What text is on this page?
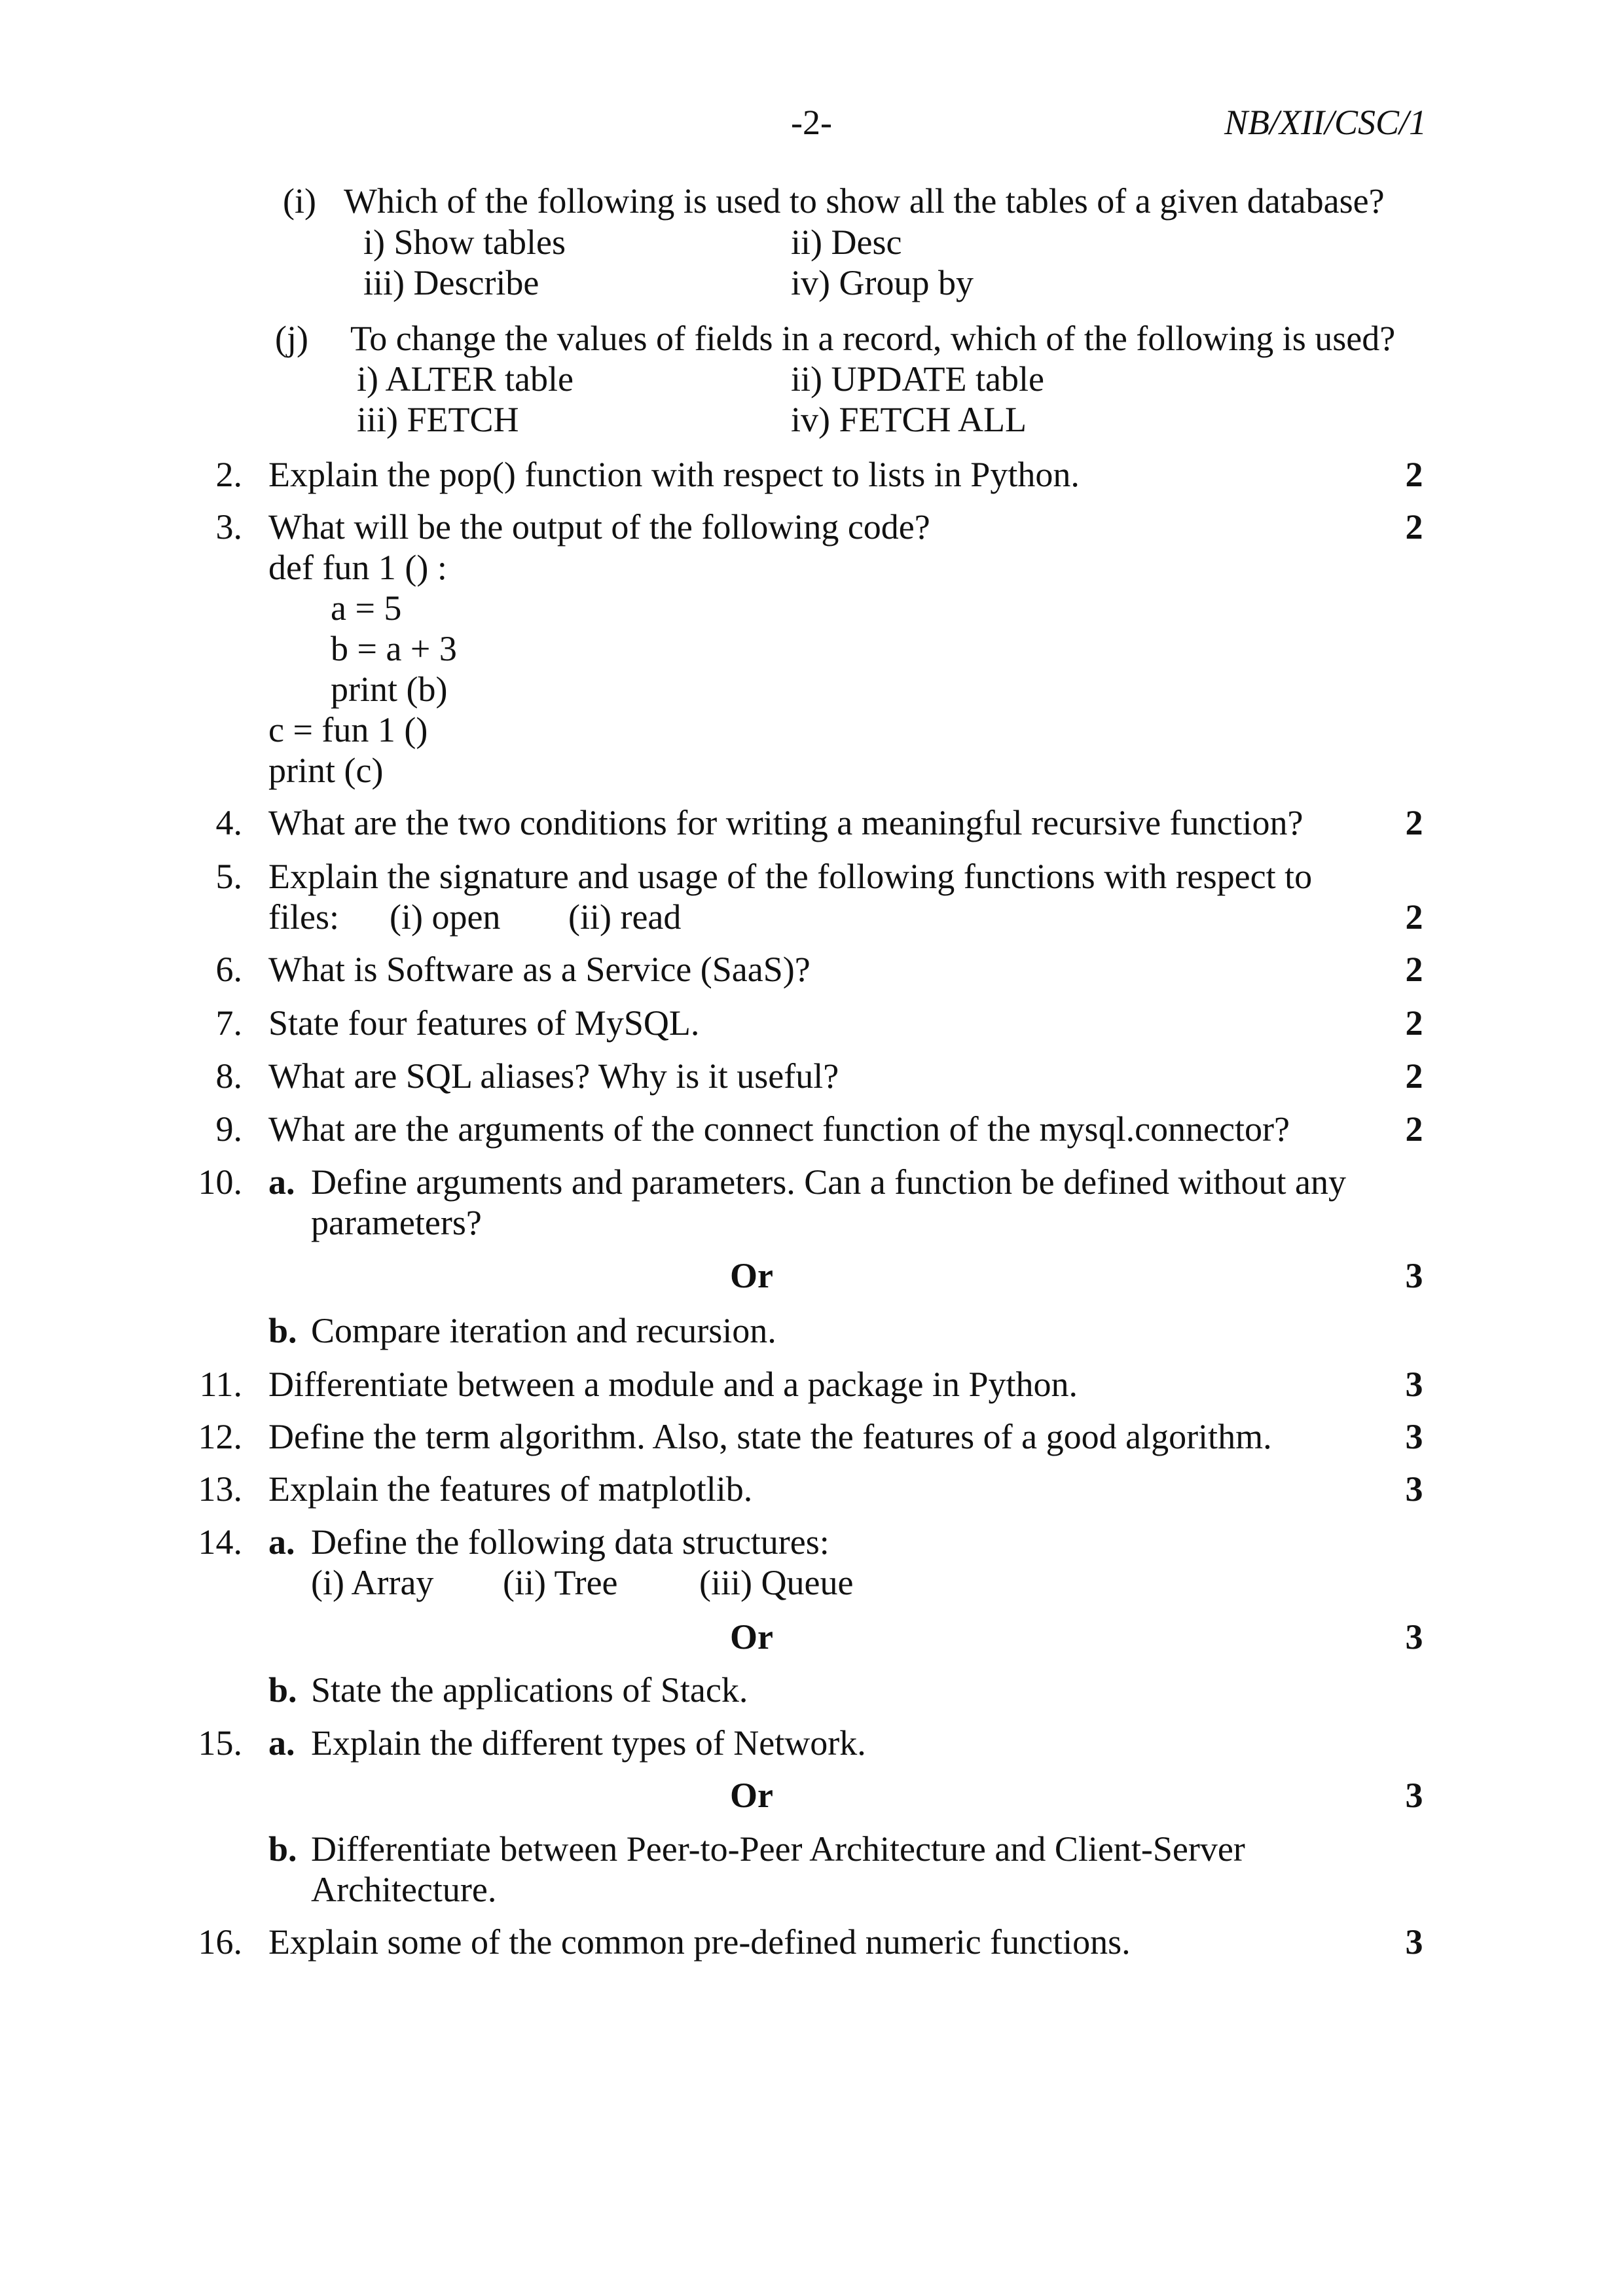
-2-	NB/XII/CSC/1
(i) Which of the following is used to show all the tables of a given database?
i) Show tables	ii) Desc
iii) Describe	iv) Group by
(j) To change the values of fields in a record, which of the following is used?
i) ALTER table	ii) UPDATE table
iii) FETCH	iv) FETCH ALL
2. Explain the pop() function with respect to lists in Python.	2
3. What will be the output of the following code?	2
def fun 1 () :
a = 5
b = a + 3
print (b)
c = fun 1 ()
print (c)
4. What are the two conditions for writing a meaningful recursive function?	2
5. Explain the signature and usage of the following functions with respect to
files: (i) open (ii) read	2
6. What is Software as a Service (SaaS)?	2
7. State four features of MySQL.	2
8. What are SQL aliases? Why is it useful?	2
9. What are the arguments of the connect function of the mysql.connector?	2
10. a. Define arguments and parameters. Can a function be defined without any
parameters?
Or	3
b. Compare iteration and recursion.
11. Differentiate between a module and a package in Python.	3
12. Define the term algorithm. Also, state the features of a good algorithm.	3
13. Explain the features of matplotlib.	3
14. a. Define the following data structures:
(i) Array (ii) Tree (iii) Queue
Or	3
b. State the applications of Stack.
15. a. Explain the different types of Network.
Or	3
b. Differentiate between Peer-to-Peer Architecture and Client-Server
Architecture.
16. Explain some of the common pre-defined numeric functions.	3
